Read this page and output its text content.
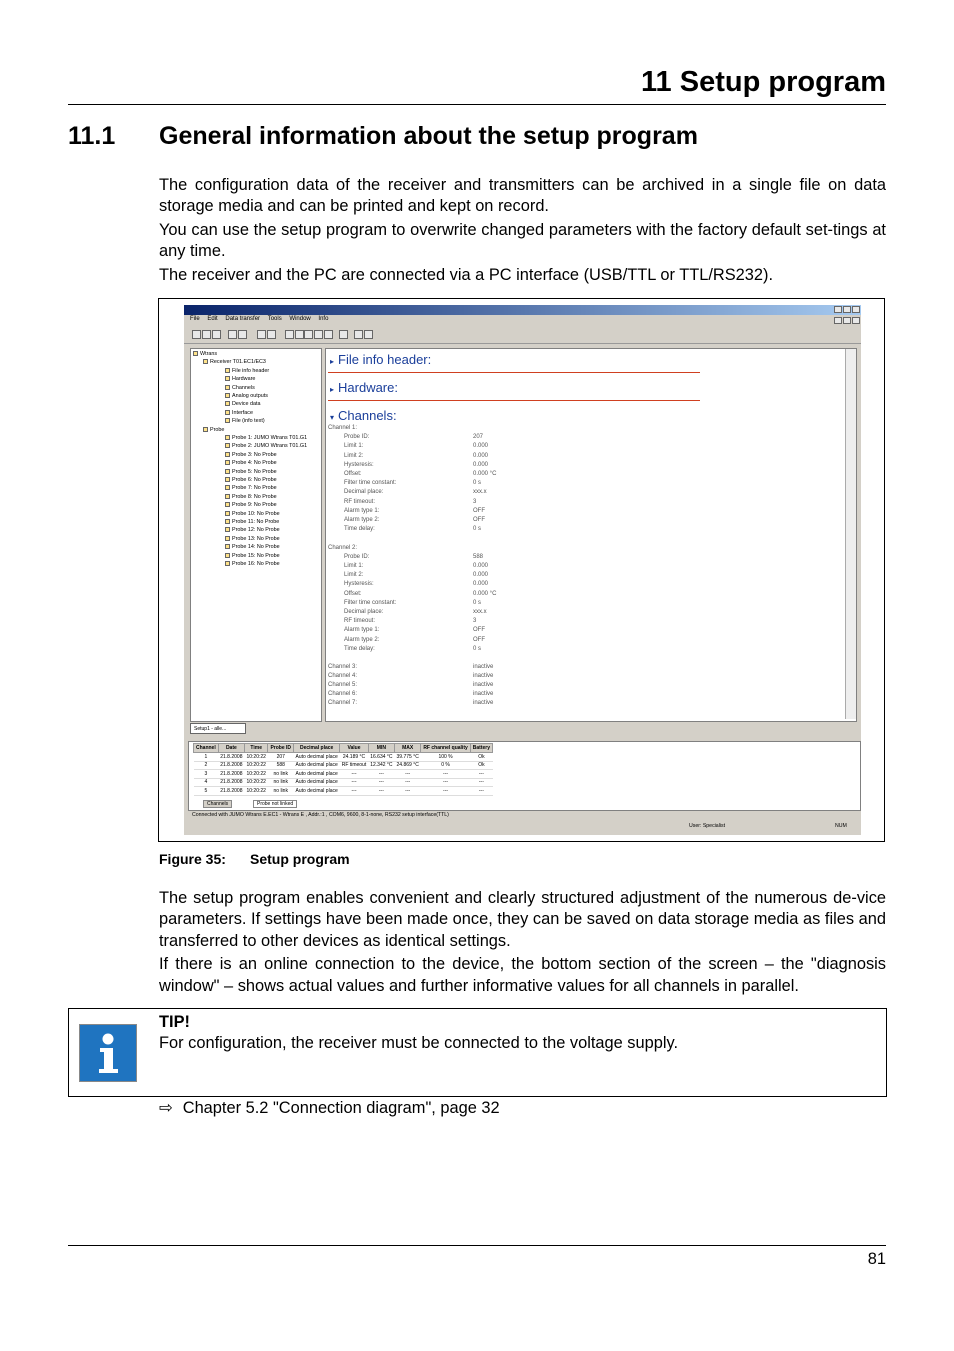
11 Setup program
11.1 General information about the setup program

The configuration data of the receiver and transmitters can be archived in a single file on data storage media and can be printed and kept on record.

You can use the setup program to overwrite changed parameters with the factory default set-tings at any time.

The receiver and the PC are connected via a PC interface (USB/TTL or TTL/RS232).

File Edit Data transfer Tools Window Info
Wtrans
Receiver T01.EC1/EC3
File info header
Hardware
Channels
Analog outputs
Device data
Interface
File (info text)
Probe
Probe 1: JUMO Wtrans T01.G1
Probe 2: JUMO Wtrans T01.G1
Probe 3: No Probe
Probe 4: No Probe
Probe 5: No Probe
Probe 6: No Probe
Probe 7: No Probe
Probe 8: No Probe
Probe 9: No Probe
Probe 10: No Probe
Probe 11: No Probe
Probe 12: No Probe
Probe 13: No Probe
Probe 14: No Probe
Probe 15: No Probe
Probe 16: No Probe
▸ File info header:
▸ Hardware:
▾ Channels:
Channel 1:
Probe ID:	207
Limit 1:	0.000
Limit 2:	0.000
Hysteresis:	0.000
Offset:	0.000 °C
Filter time constant:	0 s
Decimal place:	xxx.x
RF timeout:	3
Alarm type 1:	OFF
Alarm type 2:	OFF
Time delay:	0 s
Channel 2:
Probe ID:	588
Limit 1:	0.000
Limit 2:	0.000
Hysteresis:	0.000
Offset:	0.000 °C
Filter time constant:	0 s
Decimal place:	xxx.x
RF timeout:	3
Alarm type 1:	OFF
Alarm type 2:	OFF
Time delay:	0 s
Channel 3:	inactive
Channel 4:	inactive
Channel 5:	inactive
Channel 6:	inactive
Channel 7:	inactive
Setup1 - alle...
Channel	Date	Time	Probe ID	Decimal place	Value	MIN	MAX	RF channel quality	Battery
1	21.8.2008	10:20:22	207	Auto decimal place	24.189 °C	16.634 °C	39.775 °C	100 %	Ok
2	21.8.2008	10:20:22	588	Auto decimal place	RF timeout	12.342 °C	24.869 °C	0 %	Ok
3	21.8.2008	10:20:22	no link	Auto decimal place	---	---	---	---	---
4	21.8.2008	10:20:22	no link	Auto decimal place	---	---	---	---	---
5	21.8.2008	10:20:22	no link	Auto decimal place	---	---	---	---	---
Channels	Probe not linked
Connected with JUMO Wtrans E.EC1 - Wtrans E , Addr.:1 , COM6, 9600, 8-1-none, RS232 setup interface(TTL)
User: Specialist	NUM
Figure 35: Setup program

The setup program enables convenient and clearly structured adjustment of the numerous de-vice parameters. If settings have been made once, they can be saved on data storage media as files and transferred to other devices as identical settings.

If there is an online connection to the device, the bottom section of the screen – the "diagnosis window" – shows actual values and further informative values for all channels in parallel.

TIP!
For configuration, the receiver must be connected to the voltage supply.
⇨ Chapter 5.2 "Connection diagram", page 32
81
